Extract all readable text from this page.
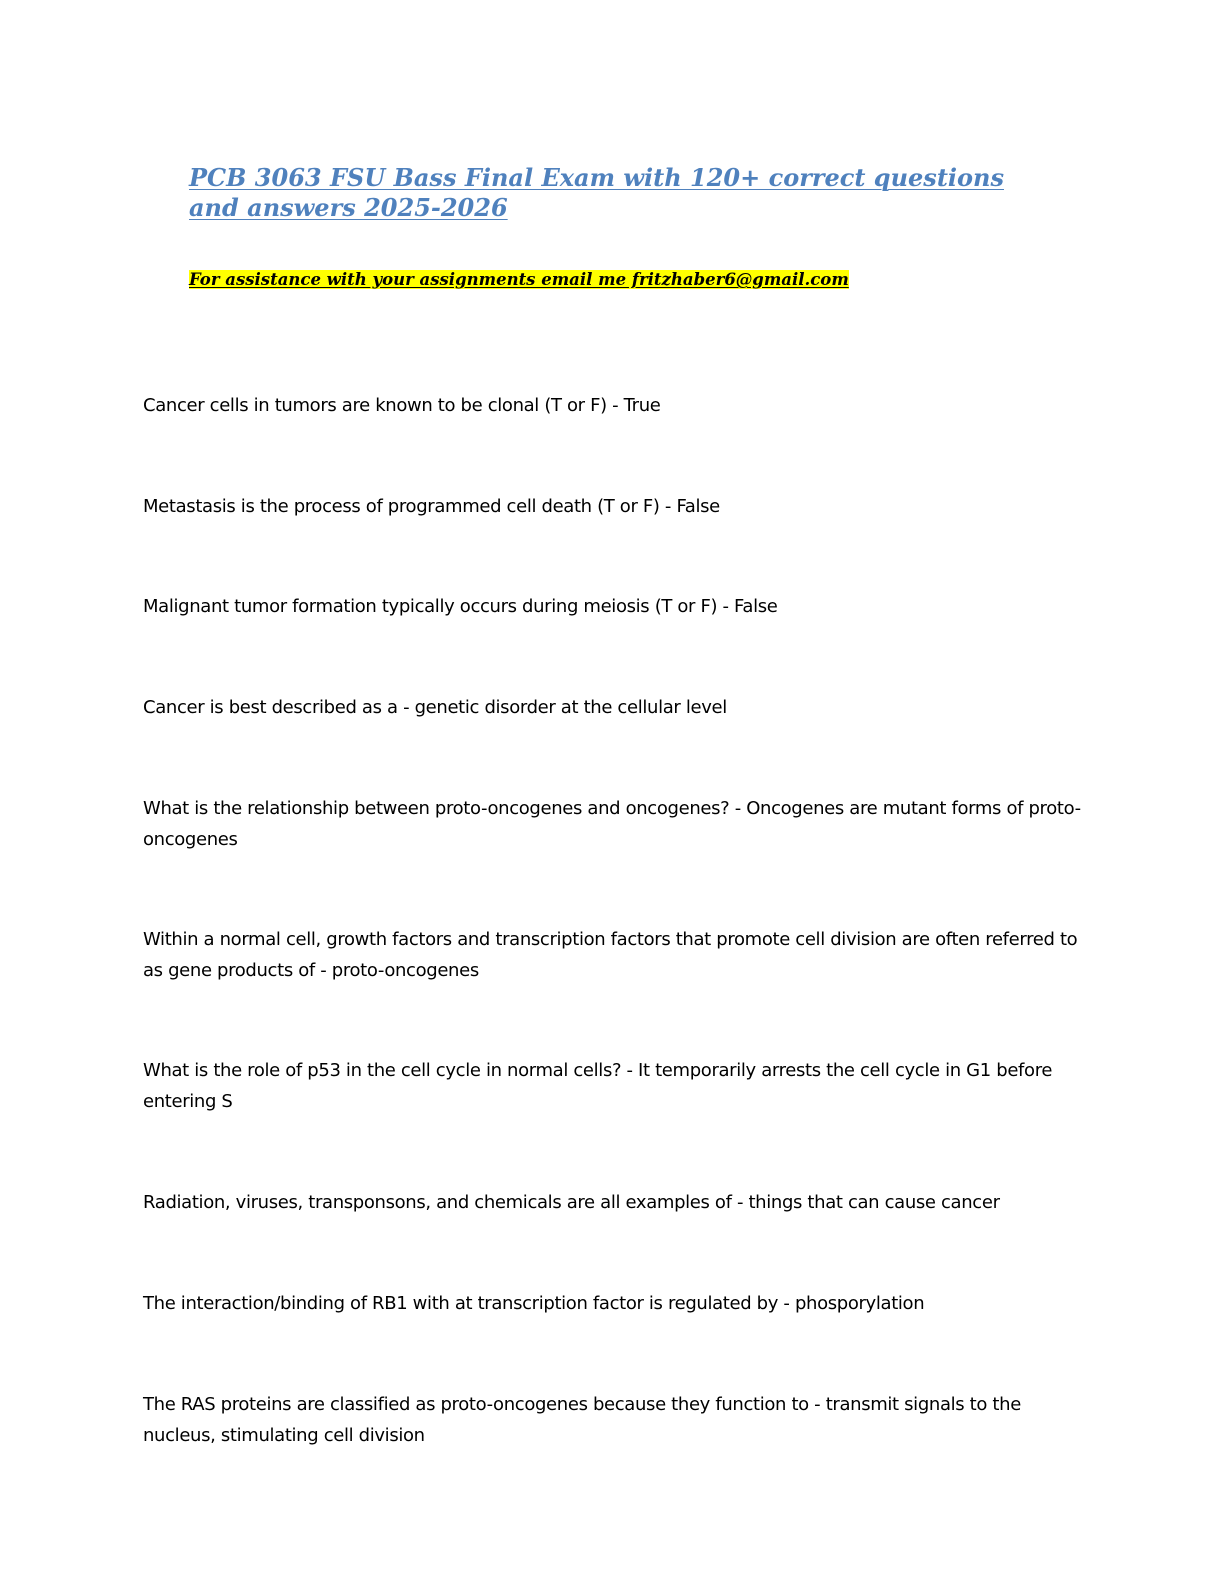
PCB 3063 FSU Bass Final Exam with 120+ correct questions and answers 2025-2026

For assistance with your assignments email me fritzhaber6@gmail.com

Cancer cells in tumors are known to be clonal (T or F) - True

Metastasis is the process of programmed cell death (T or F) - False

Malignant tumor formation typically occurs during meiosis (T or F) - False

Cancer is best described as a - genetic disorder at the cellular level

What is the relationship between proto-oncogenes and oncogenes? - Oncogenes are mutant forms of proto-oncogenes

Within a normal cell, growth factors and transcription factors that promote cell division are often referred to as gene products of - proto-oncogenes

What is the role of p53 in the cell cycle in normal cells? - It temporarily arrests the cell cycle in G1 before entering S

Radiation, viruses, transponsons, and chemicals are all examples of - things that can cause cancer

The interaction/binding of RB1 with at transcription factor is regulated by - phosporylation

The RAS proteins are classified as proto-oncogenes because they function to - transmit signals to the nucleus, stimulating cell division
